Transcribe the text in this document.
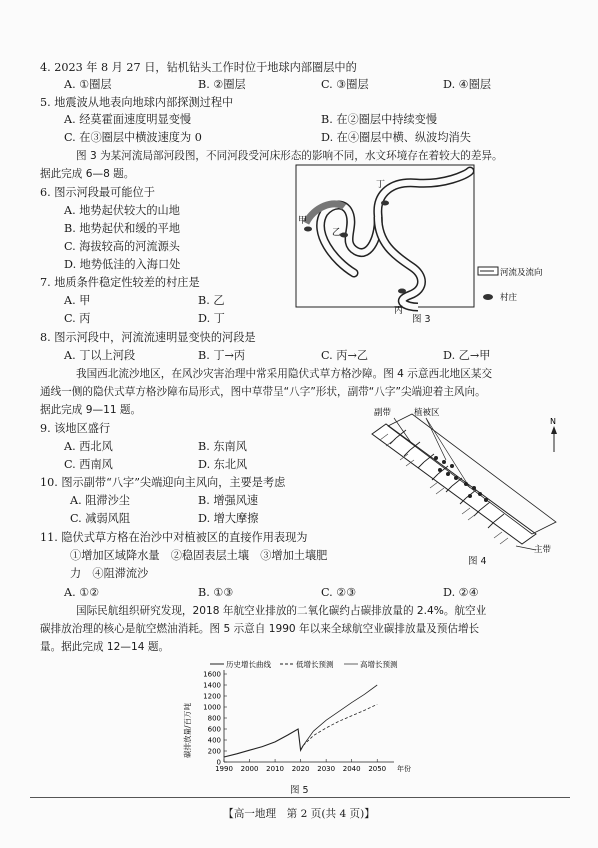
4. 2023 年 8 月 27 日，钻机钻头工作时位于地球内部圈层中的
A. ①圈层	B. ②圈层	C. ③圈层	D. ④圈层
5. 地震波从地表向地球内部探测过程中
A. 经莫霍面速度明显变慢	B. 在②圈层中持续变慢
C. 在③圈层中横波速度为 0	D. 在④圈层中横、纵波均消失
图 3 为某河流局部河段图，不同河段受河床形态的影响不同，水文环境存在着较大的差异。
据此完成 6—8 题。
6. 图示河段最可能位于
A. 地势起伏较大的山地
B. 地势起伏和缓的平地
C. 海拔较高的河流源头
D. 地势低洼的入海口处
7. 地质条件稳定性较差的村庄是
A. 甲	B. 乙
C. 丙	D. 丁
甲
乙
丙
丁
河流及流向
村庄
图 3
8. 图示河段中，河流流速明显变快的河段是
A. 丁以上河段	B. 丁→丙	C. 丙→乙	D. 乙→甲
我国西北流沙地区，在风沙灾害治理中常采用隐伏式草方格沙障。图 4 示意西北地区某交
通线一侧的隐伏式草方格沙障布局形式，图中草带呈“八字”形状，副带“八字”尖端迎着主风向。
据此完成 9—11 题。
9. 该地区盛行
A. 西北风	B. 东南风
C. 西南风	D. 东北风
10. 图示副带“八字”尖端迎向主风向，主要是考虑
A. 阻滞沙尘	B. 增强风速
C. 减弱风阻	D. 增大摩擦
11. 隐伏式草方格在治沙中对植被区的直接作用表现为
①增加区域降水量　②稳固表层土壤　③增加土壤肥
力　④阻滞流沙
A. ①②	B. ①③	C. ②③	D. ②④
副带	植被区
主带
N
图 4
国际民航组织研究发现，2018 年航空业排放的二氧化碳约占碳排放量的 2.4%。航空业
碳排放治理的核心是航空燃油消耗。图 5 示意自 1990 年以来全球航空业碳排放量及预估增长
量。据此完成 12—14 题。
历史增长曲线	低增长预测	高增长预测
碳排放量/百万吨
0
200
400
600
800
1000
1200
1400
1600
1990 2000 2010 2020 2030 2040 2050 年份
图 5
【高一地理　第 2 页(共 4 页)】
